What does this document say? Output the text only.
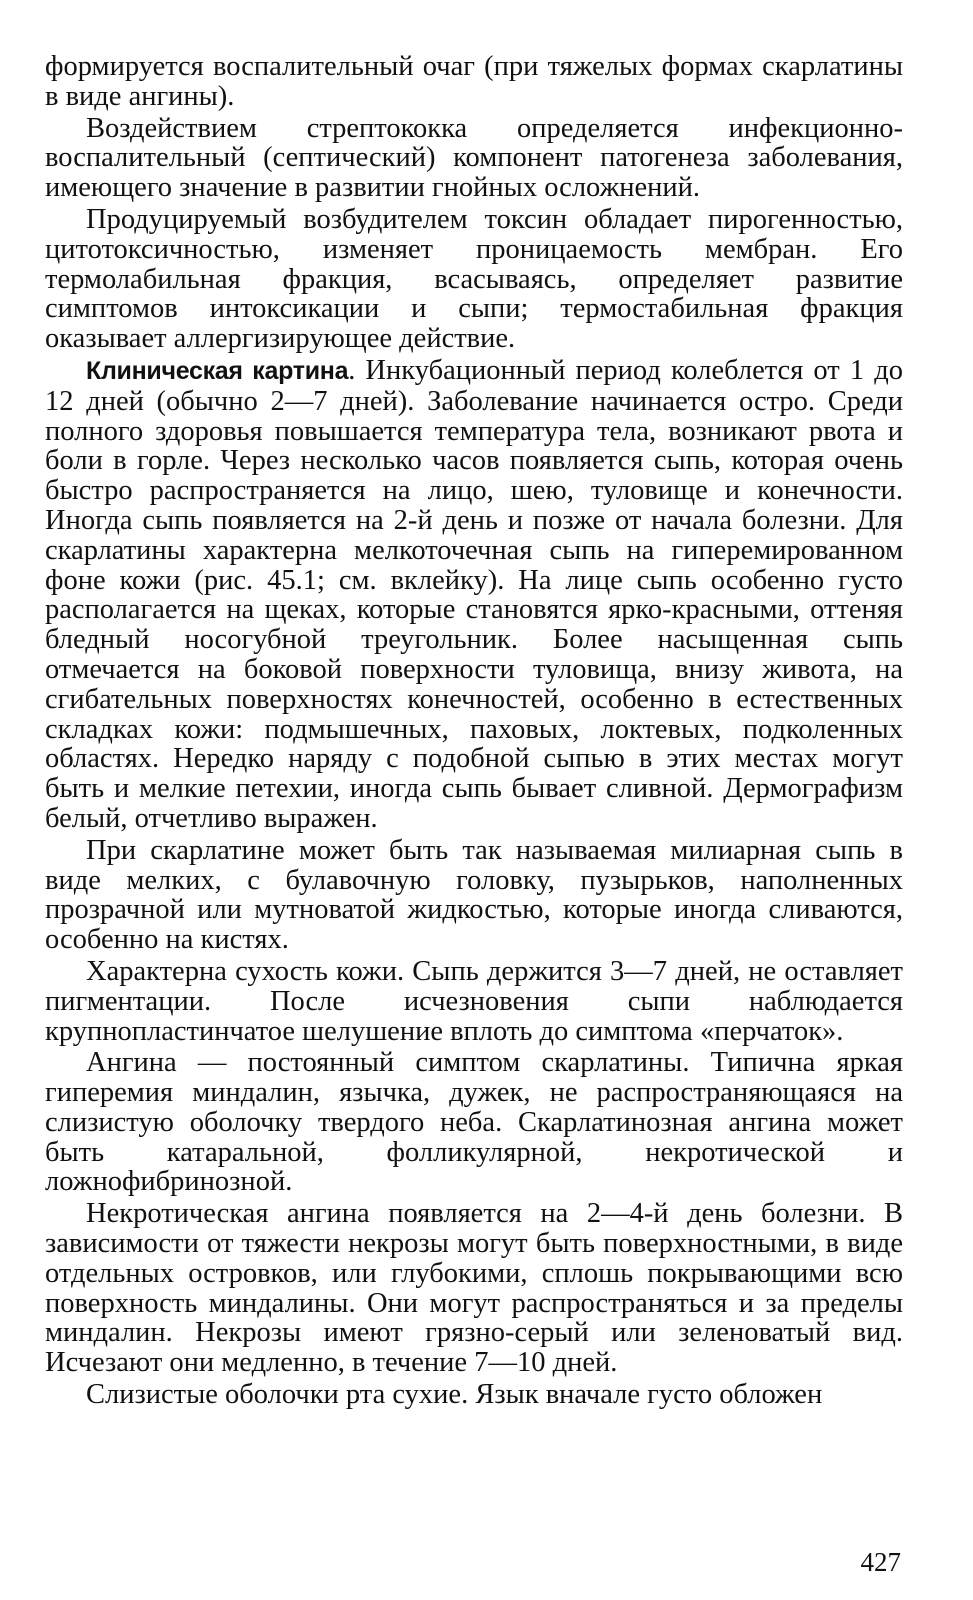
формируется воспалительный очаг (при тяжелых формах скарлатины в виде ангины).

Воздействием стрептококка определяется инфекционно-воспалительный (септический) компонент патогенеза заболевания, имеющего значение в развитии гнойных осложнений.

Продуцируемый возбудителем токсин обладает пирогенностью, цитотоксичностью, изменяет проницаемость мембран. Его термолабильная фракция, всасываясь, определяет развитие симптомов интоксикации и сыпи; термостабильная фракция оказывает аллергизирующее действие.

Клиническая картина. Инкубационный период колеблется от 1 до 12 дней (обычно 2—7 дней). Заболевание начинается остро. Среди полного здоровья повышается температура тела, возникают рвота и боли в горле. Через несколько часов появляется сыпь, которая очень быстро распространяется на лицо, шею, туловище и конечности. Иногда сыпь появляется на 2-й день и позже от начала болезни. Для скарлатины характерна мелкоточечная сыпь на гиперемированном фоне кожи (рис. 45.1; см. вклейку). На лице сыпь особенно густо располагается на щеках, которые становятся ярко-красными, оттеняя бледный носогубной треугольник. Более насыщенная сыпь отмечается на боковой поверхности туловища, внизу живота, на сгибательных поверхностях конечностей, особенно в естественных складках кожи: подмышечных, паховых, локтевых, подколенных областях. Нередко наряду с подобной сыпью в этих местах могут быть и мелкие петехии, иногда сыпь бывает сливной. Дермографизм белый, отчетливо выражен.

При скарлатине может быть так называемая милиарная сыпь в виде мелких, с булавочную головку, пузырьков, наполненных прозрачной или мутноватой жидкостью, которые иногда сливаются, особенно на кистях.

Характерна сухость кожи. Сыпь держится 3—7 дней, не оставляет пигментации. После исчезновения сыпи наблюдается крупнопластинчатое шелушение вплоть до симптома «перчаток».

Ангина — постоянный симптом скарлатины. Типична яркая гиперемия миндалин, язычка, дужек, не распространяющаяся на слизистую оболочку твердого неба. Скарлатинозная ангина может быть катаральной, фолликулярной, некротической и ложнофибринозной.

Некротическая ангина появляется на 2—4-й день болезни. В зависимости от тяжести некрозы могут быть поверхностными, в виде отдельных островков, или глубокими, сплошь покрывающими всю поверхность миндалины. Они могут распространяться и за пределы миндалин. Некрозы имеют грязно-серый или зеленоватый вид. Исчезают они медленно, в течение 7—10 дней.

Слизистые оболочки рта сухие. Язык вначале густо обложен

427
